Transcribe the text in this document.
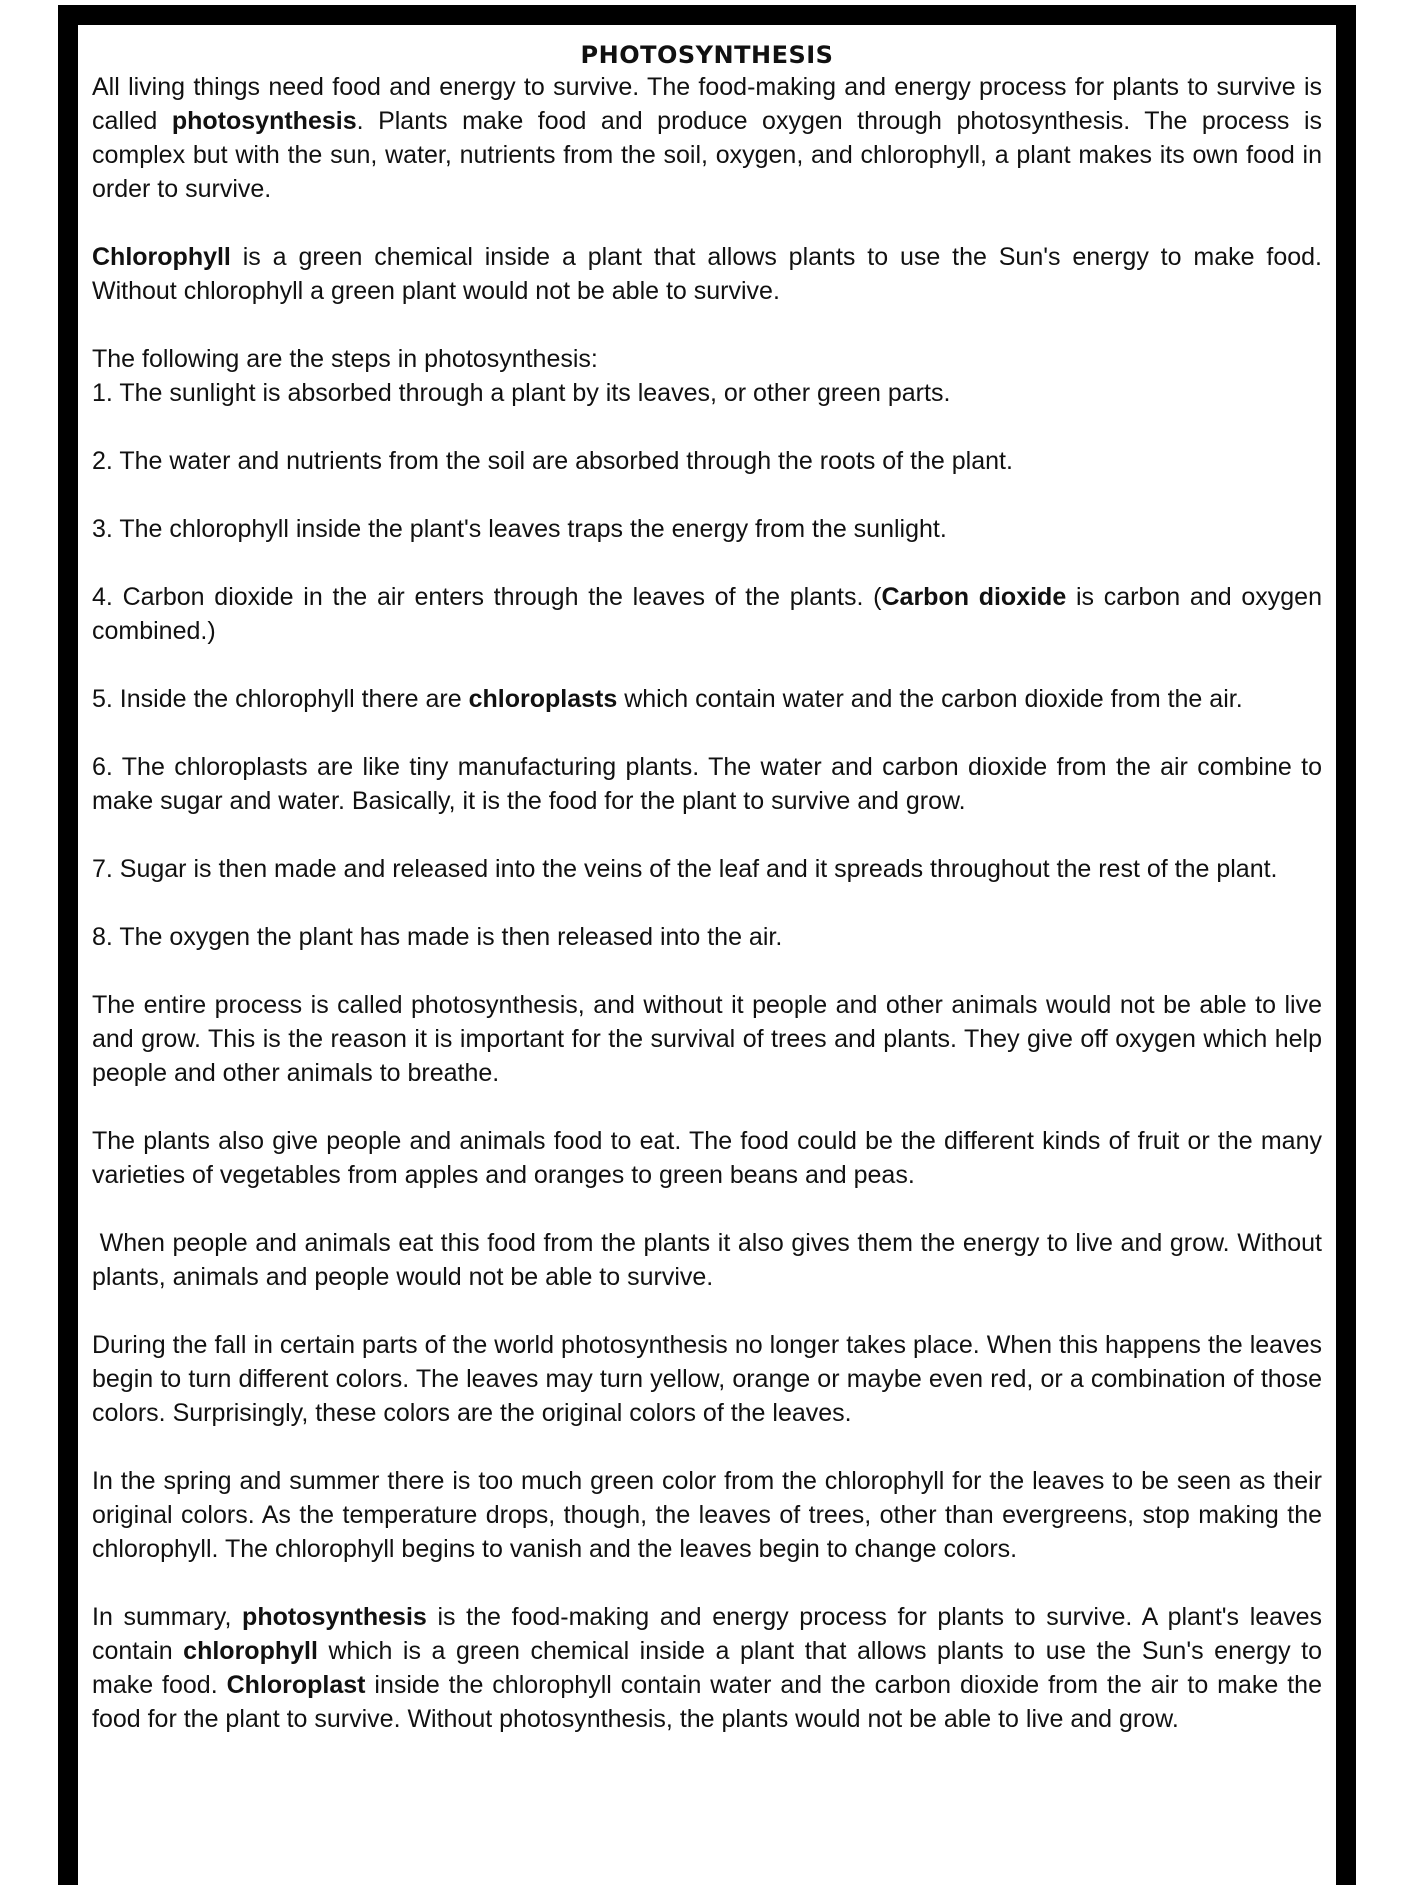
PHOTOSYNTHESIS

All living things need food and energy to survive. The food-making and energy process for plants to survive is called photosynthesis. Plants make food and produce oxygen through photosynthesis. The process is complex but with the sun, water, nutrients from the soil, oxygen, and chlorophyll, a plant makes its own food in order to survive.

Chlorophyll is a green chemical inside a plant that allows plants to use the Sun's energy to make food. Without chlorophyll a green plant would not be able to survive.

The following are the steps in photosynthesis:

1. The sunlight is absorbed through a plant by its leaves, or other green parts.

2. The water and nutrients from the soil are absorbed through the roots of the plant.

3. The chlorophyll inside the plant's leaves traps the energy from the sunlight.

4. Carbon dioxide in the air enters through the leaves of the plants. (Carbon dioxide is carbon and oxygen combined.)

5. Inside the chlorophyll there are chloroplasts which contain water and the carbon dioxide from the air.

6. The chloroplasts are like tiny manufacturing plants. The water and carbon dioxide from the air combine to make sugar and water. Basically, it is the food for the plant to survive and grow.

7. Sugar is then made and released into the veins of the leaf and it spreads throughout the rest of the plant.

8. The oxygen the plant has made is then released into the air.

The entire process is called photosynthesis, and without it people and other animals would not be able to live and grow. This is the reason it is important for the survival of trees and plants. They give off oxygen which help people and other animals to breathe.

The plants also give people and animals food to eat. The food could be the different kinds of fruit or the many varieties of vegetables from apples and oranges to green beans and peas.

When people and animals eat this food from the plants it also gives them the energy to live and grow. Without plants, animals and people would not be able to survive.

During the fall in certain parts of the world photosynthesis no longer takes place. When this happens the leaves begin to turn different colors. The leaves may turn yellow, orange or maybe even red, or a combination of those colors. Surprisingly, these colors are the original colors of the leaves.

In the spring and summer there is too much green color from the chlorophyll for the leaves to be seen as their original colors. As the temperature drops, though, the leaves of trees, other than evergreens, stop making the chlorophyll. The chlorophyll begins to vanish and the leaves begin to change colors.

In summary, photosynthesis is the food-making and energy process for plants to survive. A plant's leaves contain chlorophyll which is a green chemical inside a plant that allows plants to use the Sun's energy to make food. Chloroplast inside the chlorophyll contain water and the carbon dioxide from the air to make the food for the plant to survive. Without photosynthesis, the plants would not be able to live and grow.
